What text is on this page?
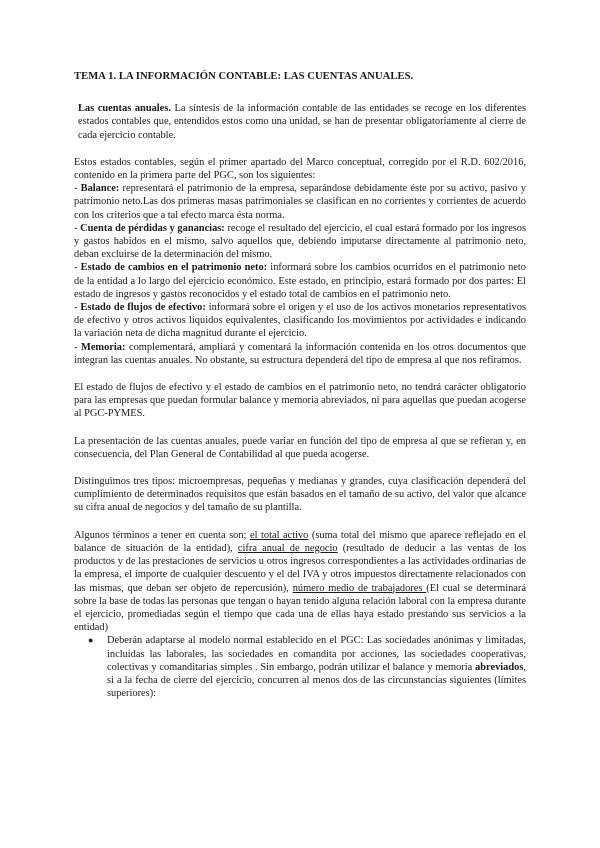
TEMA 1. LA INFORMACIÓN CONTABLE: LAS CUENTAS ANUALES.

Las cuentas anuales. La síntesis de la información contable de las entidades se recoge en los diferentes estados contables que, entendidos estos como una unidad, se han de presentar obligatoriamente al cierre de cada ejercicio contable.

Estos estados contables, según el primer apartado del Marco conceptual, corregido por el R.D. 602/2016, contenido en la primera parte del PGC, son los siguientes:
- Balance: representará el patrimonio de la empresa, separándose debidamente éste por su activo, pasivo y patrimonio neto.Las dos primeras masas patrimoniales se clasifican en no corrientes y corrientes de acuerdo con los criterios que a tal efecto marca ésta norma.
- Cuenta de pérdidas y ganancias: recoge el resultado del ejercicio, el cual estará formado por los ingresos y gastos habidos en el mismo, salvo aquellos que, debiendo imputarse directamente al patrimonio neto, deban excluirse de la determinación del mismo.
- Estado de cambios en el patrimonio neto: informará sobre los cambios ocurridos en el patrimonio neto de la entidad a lo largo del ejercicio económico. Este estado, en principio, estará formado por dos partes: El estado de ingresos y gastos reconocidos y el estado total de cambios en el patrimonio neto.
- Estado de flujos de efectivo: informará sobre el origen y el uso de los activos monetarios representativos de efectivo y otros activos líquidos equivalentes, clasificando los movimientos por actividades e indicando la variación neta de dicha magnitud durante el ejercicio.
- Memoria: complementará, ampliará y comentará la información contenida en los otros documentos que integran las cuentas anuales. No obstante, su estructura dependerá del tipo de empresa al que nos refiramos.

El estado de flujos de efectivo y el estado de cambios en el patrimonio neto, no tendrá carácter obligatorio para las empresas que puedan formular balance y memoria abreviados, ni para aquellas que puedan acogerse al PGC-PYMES.

La presentación de las cuentas anuales, puede variar en función del tipo de empresa al que se refieran y, en consecuencia, del Plan General de Contabilidad al que pueda acogerse.

Distinguimos tres tipos: microempresas, pequeñas y medianas y grandes, cuya clasificación dependerá del cumplimiento de determinados requisitos que están basados en el tamaño de su activo, del valor que alcance su cifra anual de negocios y del tamaño de su plantilla.

Algunos términos a tener en cuenta son; el total activo (suma total del mismo que aparece reflejado en el balance de situación de la entidad), cifra anual de negocio (resultado de deducir a las ventas de los productos y de las prestaciones de servicios u otros ingresos correspondientes a las actividades ordinarias de la empresa, el importe de cualquier descuento y el del IVA y otros impuestos directamente relacionados con las mismas, que deban ser objeto de repercusión), número medio de trabajadores (El cual se determinará sobre la base de todas las personas que tengan o hayan tenido alguna relación laboral con la empresa durante el ejercicio, promediadas según el tiempo que cada una de ellas haya estado prestando sus servicios a la entidad)

● Deberán adaptarse al modelo normal establecido en el PGC: Las sociedades anónimas y limitadas, incluidas las laborales, las sociedades en comandita por acciones, las sociedades cooperativas, colectivas y comanditarias simples . Sin embargo, podrán utilizar el balance y memoria abreviados, si a la fecha de cierre del ejercicio, concurren al menos dos de las circunstancias siguientes (límites superiores):
